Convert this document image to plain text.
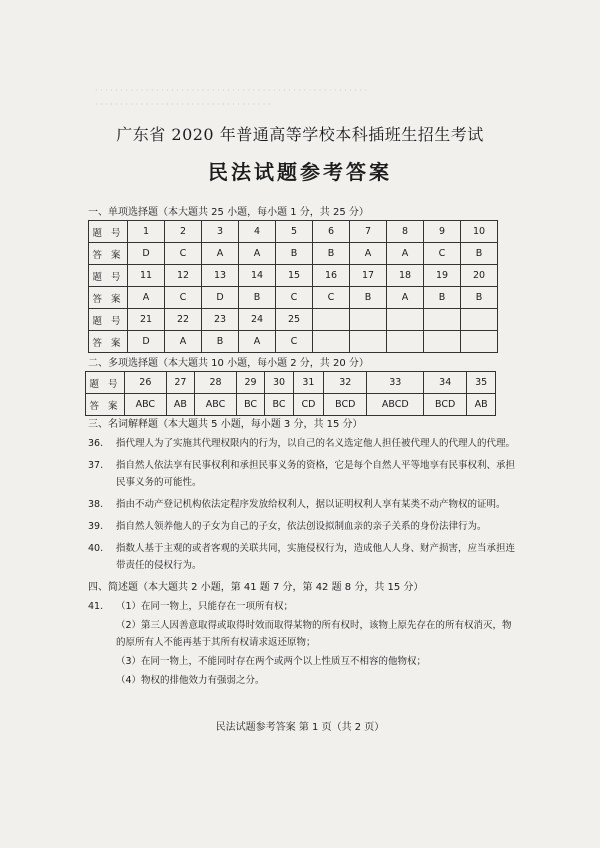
· · · · · · · · · · · · · · · · · · · · · · · · · · · · · · · · · · · · · · · · · · · · · · · · · · · · · ·
· · · · · · · · · · · · · · · · · · · · · · · · · · · · · · · · · · ·
广东省 2020 年普通高等学校本科插班生招生考试
民法试题参考答案
一、单项选择题（本大题共 25 小题，每小题 1 分，共 25 分）
题 号	1	2	3	4	5	6	7	8	9	10
答 案	D	C	A	A	B	B	A	A	C	B
题 号	11	12	13	14	15	16	17	18	19	20
答 案	A	C	D	B	C	C	B	A	B	B
题 号	21	22	23	24	25					
答 案	D	A	B	A	C					
二、多项选择题（本大题共 10 小题，每小题 2 分，共 20 分）
题 号	26	27	28	29	30	31	32	33	34	35
答 案	ABC	AB	ABC	BC	BC	CD	BCD	ABCD	BCD	AB
三、名词解释题（本大题共 5 小题，每小题 3 分，共 15 分）
36.	指代理人为了实施其代理权限内的行为，以自己的名义选定他人担任被代理人的代理人的代理。
37.	指自然人依法享有民事权利和承担民事义务的资格，它是每个自然人平等地享有民事权利、承担民事义务的可能性。
38.	指由不动产登记机构依法定程序发放给权利人，据以证明权利人享有某类不动产物权的证明。
39.	指自然人领养他人的子女为自己的子女，依法创设拟制血亲的亲子关系的身份法律行为。
40.	指数人基于主观的或者客观的关联共同，实施侵权行为，造成他人人身、财产损害，应当承担连带责任的侵权行为。
四、简述题（本大题共 2 小题，第 41 题 7 分，第 42 题 8 分，共 15 分）
41.	（1）在同一物上，只能存在一项所有权；
（2）第三人因善意取得或取得时效而取得某物的所有权时，该物上原先存在的所有权消灭，物的原所有人不能再基于其所有权请求返还原物；
（3）在同一物上，不能同时存在两个或两个以上性质互不相容的他物权；
（4）物权的排他效力有强弱之分。
民法试题参考答案 第 1 页（共 2 页）
